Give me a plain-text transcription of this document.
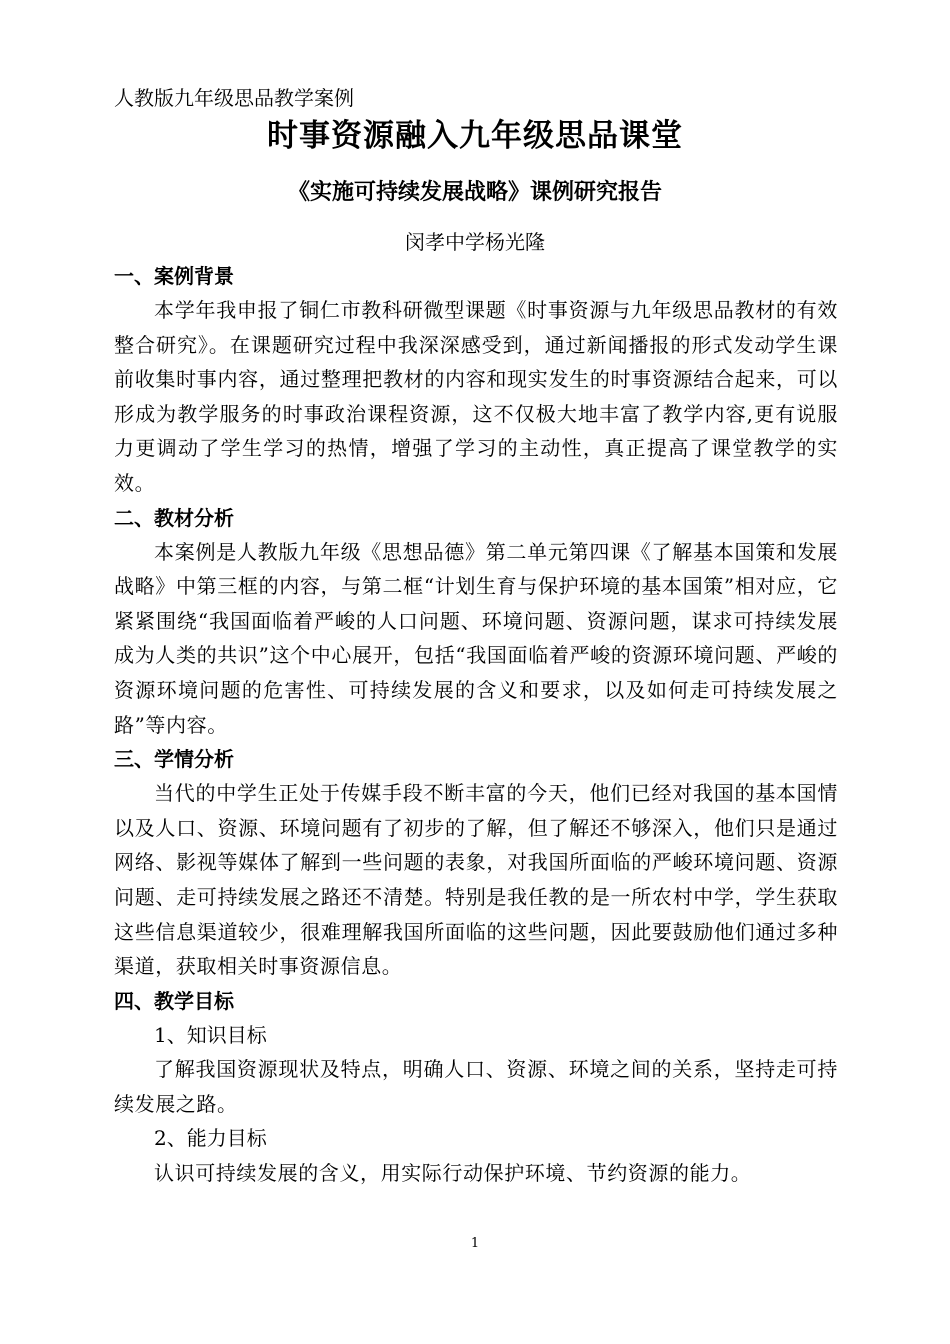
人教版九年级思品教学案例
时事资源融入九年级思品课堂
《实施可持续发展战略》课例研究报告
闵孝中学杨光隆
一、案例背景

本学年我申报了铜仁市教科研微型课题《时事资源与九年级思品教材的有效整合研究》。在课题研究过程中我深深感受到，通过新闻播报的形式发动学生课前收集时事内容，通过整理把教材的内容和现实发生的时事资源结合起来，可以形成为教学服务的时事政治课程资源，这不仅极大地丰富了教学内容,更有说服力更调动了学生学习的热情，增强了学习的主动性，真正提高了课堂教学的实效。

二、教材分析

本案例是人教版九年级《思想品德》第二单元第四课《了解基本国策和发展战略》中第三框的内容，与第二框“计划生育与保护环境的基本国策”相对应，它紧紧围绕“我国面临着严峻的人口问题、环境问题、资源问题，谋求可持续发展成为人类的共识”这个中心展开，包括“我国面临着严峻的资源环境问题、严峻的资源环境问题的危害性、可持续发展的含义和要求，以及如何走可持续发展之路”等内容。

三、学情分析

当代的中学生正处于传媒手段不断丰富的今天，他们已经对我国的基本国情以及人口、资源、环境问题有了初步的了解，但了解还不够深入，他们只是通过网络、影视等媒体了解到一些问题的表象，对我国所面临的严峻环境问题、资源问题、走可持续发展之路还不清楚。特别是我任教的是一所农村中学，学生获取这些信息渠道较少，很难理解我国所面临的这些问题，因此要鼓励他们通过多种渠道，获取相关时事资源信息。

四、教学目标

1、知识目标

了解我国资源现状及特点，明确人口、资源、环境之间的关系，坚持走可持续发展之路。

2、能力目标

认识可持续发展的含义，用实际行动保护环境、节约资源的能力。

1
